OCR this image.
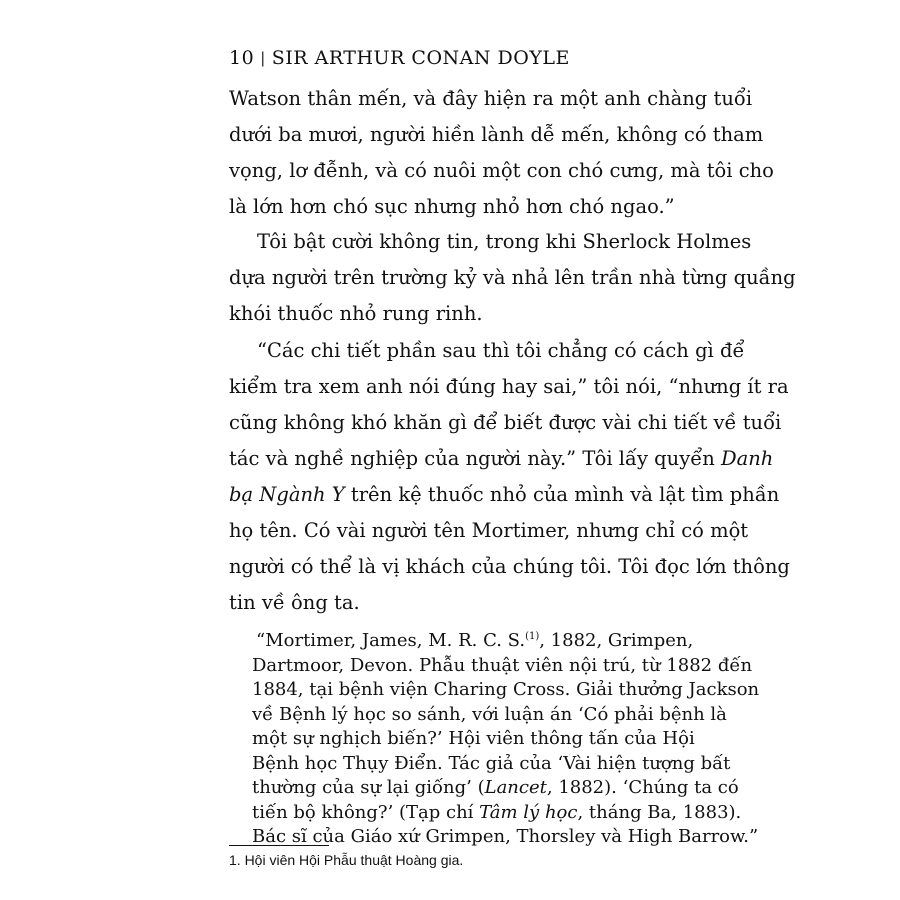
10 | SIR ARTHUR CONAN DOYLE
Watson thân mến, và đây hiện ra một anh chàng tuổi
dưới ba mươi, người hiền lành dễ mến, không có tham
vọng, lơ đễnh, và có nuôi một con chó cưng, mà tôi cho
là lớn hơn chó sục nhưng nhỏ hơn chó ngao.”
Tôi bật cười không tin, trong khi Sherlock Holmes
dựa người trên trường kỷ và nhả lên trần nhà từng quầng
khói thuốc nhỏ rung rinh.
“Các chi tiết phần sau thì tôi chẳng có cách gì để
kiểm tra xem anh nói đúng hay sai,” tôi nói, “nhưng ít ra
cũng không khó khăn gì để biết được vài chi tiết về tuổi
tác và nghề nghiệp của người này.” Tôi lấy quyển Danh
bạ Ngành Y trên kệ thuốc nhỏ của mình và lật tìm phần
họ tên. Có vài người tên Mortimer, nhưng chỉ có một
người có thể là vị khách của chúng tôi. Tôi đọc lớn thông
tin về ông ta.
“Mortimer, James, M. R. C. S.$^{(1)}$, 1882, Grimpen,
Dartmoor, Devon. Phẫu thuật viên nội trú, từ 1882 đến
1884, tại bệnh viện Charing Cross. Giải thưởng Jackson
về Bệnh lý học so sánh, với luận án ‘Có phải bệnh là
một sự nghịch biến?’ Hội viên thông tấn của Hội
Bệnh học Thụy Điển. Tác giả của ‘Vài hiện tượng bất
thường của sự lại giống’ (Lancet, 1882). ‘Chúng ta có
tiến bộ không?’ (Tạp chí Tâm lý học, tháng Ba, 1883).
Bác sĩ của Giáo xứ Grimpen, Thorsley và High Barrow.”
1. Hội viên Hội Phẫu thuật Hoàng gia.
